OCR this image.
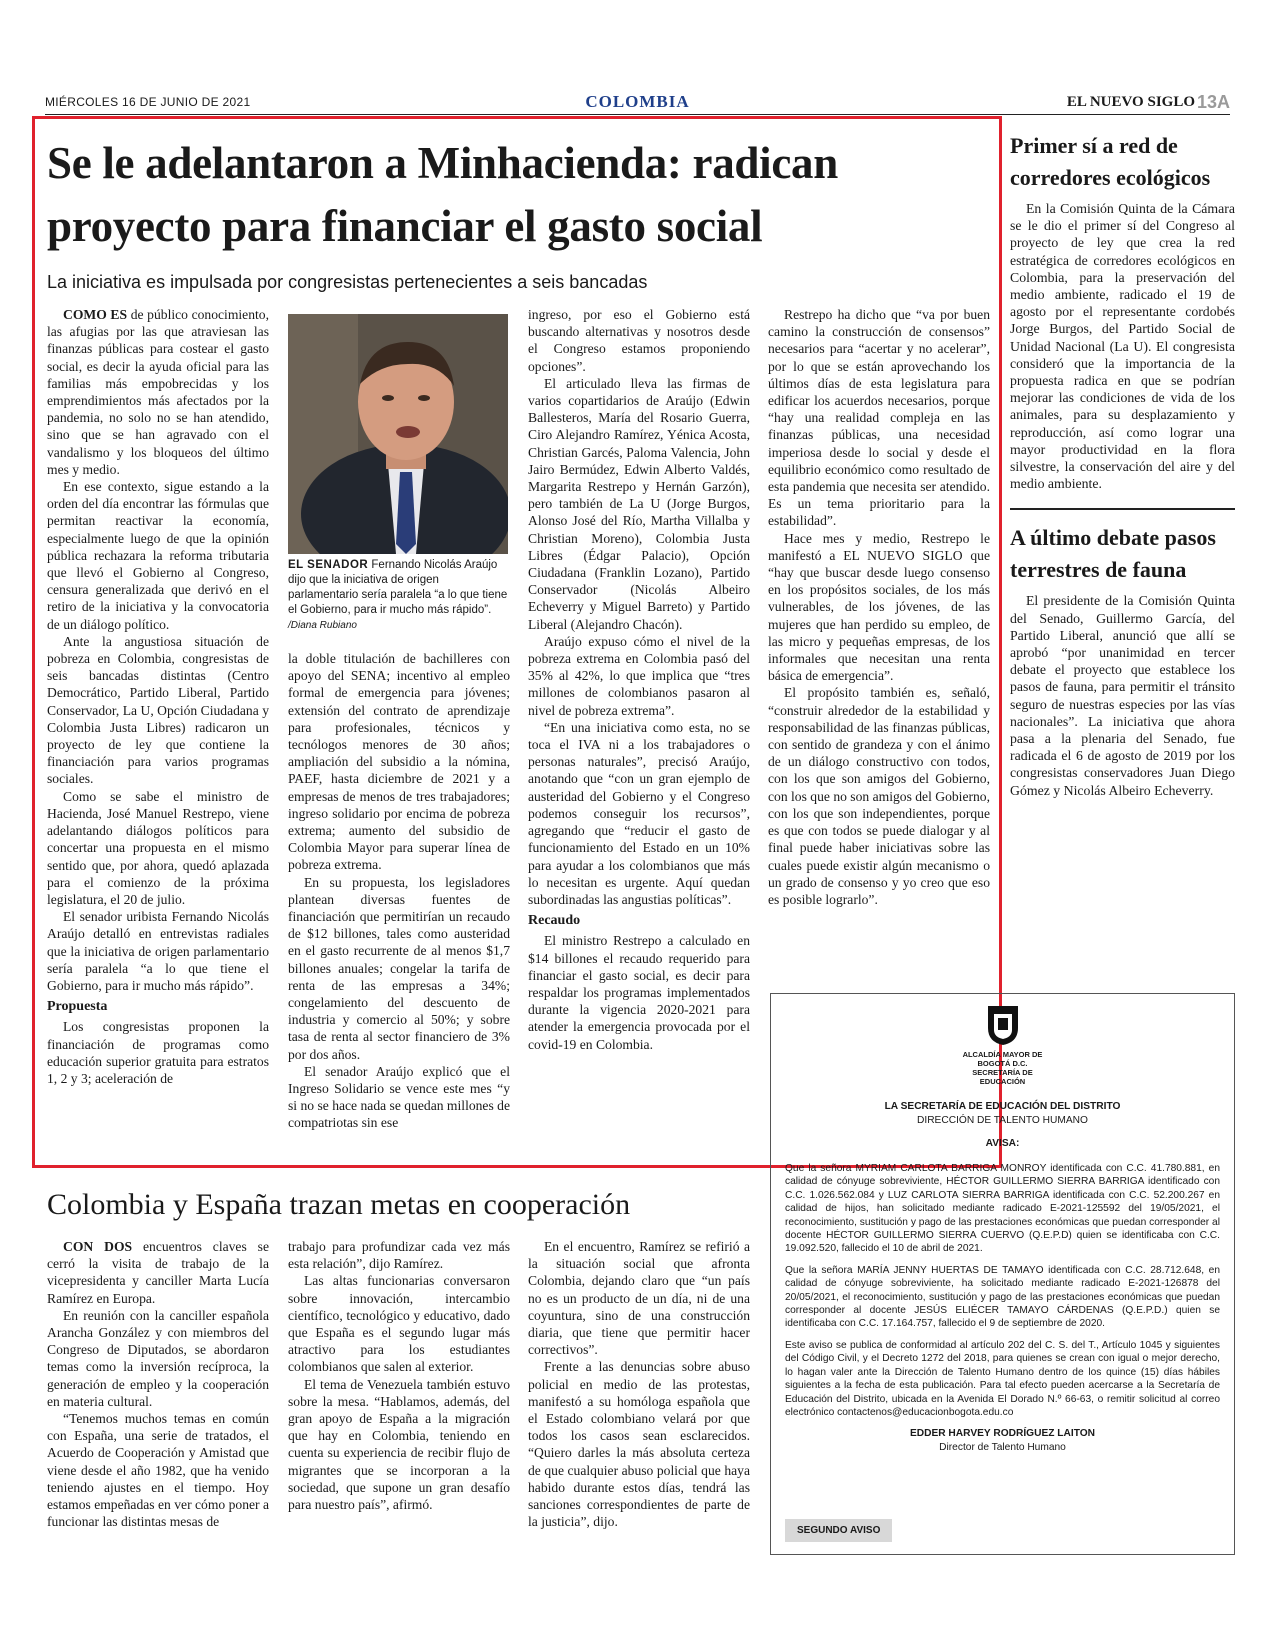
MIÉRCOLES 16 DE JUNIO DE 2021	COLOMBIA	EL NUEVO SIGLO 13A
Se le adelantaron a Minhacienda: radican proyecto para financiar el gasto social

La iniciativa es impulsada por congresistas pertenecientes a seis bancadas

COMO ES de público conocimiento, las afugias por las que atraviesan las finanzas públicas para costear el gasto social, es decir la ayuda oficial para las familias más empobrecidas y los emprendimientos más afectados por la pandemia, no solo no se han atendido, sino que se han agravado con el vandalismo y los bloqueos del último mes y medio.

En ese contexto, sigue estando a la orden del día encontrar las fórmulas que permitan reactivar la economía, especialmente luego de que la opinión pública rechazara la reforma tributaria que llevó el Gobierno al Congreso, censura generalizada que derivó en el retiro de la iniciativa y la convocatoria de un diálogo político.

Ante la angustiosa situación de pobreza en Colombia, congresistas de seis bancadas distintas (Centro Democrático, Partido Liberal, Partido Conservador, La U, Opción Ciudadana y Colombia Justa Libres) radicaron un proyecto de ley que contiene la financiación para varios programas sociales.

Como se sabe el ministro de Hacienda, José Manuel Restrepo, viene adelantando diálogos políticos para concertar una propuesta en el mismo sentido que, por ahora, quedó aplazada para el comienzo de la próxima legislatura, el 20 de julio.

El senador uribista Fernando Nicolás Araújo detalló en entrevistas radiales que la iniciativa de origen parlamentario sería paralela “a lo que tiene el Gobierno, para ir mucho más rápido”.

Propuesta

Los congresistas proponen la financiación de programas como educación superior gratuita para estratos 1, 2 y 3; aceleración de

EL SENADOR Fernando Nicolás Araújo dijo que la iniciativa de origen parlamentario sería paralela “a lo que tiene el Gobierno, para ir mucho más rápido”. /Diana Rubiano

la doble titulación de bachilleres con apoyo del SENA; incentivo al empleo formal de emergencia para jóvenes; extensión del contrato de aprendizaje para profesionales, técnicos y tecnólogos menores de 30 años; ampliación del subsidio a la nómina, PAEF, hasta diciembre de 2021 y a empresas de menos de tres trabajadores; ingreso solidario por encima de pobreza extrema; aumento del subsidio de Colombia Mayor para superar línea de pobreza extrema.

En su propuesta, los legisladores plantean diversas fuentes de financiación que permitirían un recaudo de $12 billones, tales como austeridad en el gasto recurrente de al menos $1,7 billones anuales; congelar la tarifa de renta de las empresas a 34%; congelamiento del descuento de industria y comercio al 50%; y sobre tasa de renta al sector financiero de 3% por dos años.

El senador Araújo explicó que el Ingreso Solidario se vence este mes “y si no se hace nada se quedan millones de compatriotas sin ese

ingreso, por eso el Gobierno está buscando alternativas y nosotros desde el Congreso estamos proponiendo opciones”.

El articulado lleva las firmas de varios copartidarios de Araújo (Edwin Ballesteros, María del Rosario Guerra, Ciro Alejandro Ramírez, Yénica Acosta, Christian Garcés, Paloma Valencia, John Jairo Bermúdez, Edwin Alberto Valdés, Margarita Restrepo y Hernán Garzón), pero también de La U (Jorge Burgos, Alonso José del Río, Martha Villalba y Christian Moreno), Colombia Justa Libres (Édgar Palacio), Opción Ciudadana (Franklin Lozano), Partido Conservador (Nicolás Albeiro Echeverry y Miguel Barreto) y Partido Liberal (Alejandro Chacón).

Araújo expuso cómo el nivel de la pobreza extrema en Colombia pasó del 35% al 42%, lo que implica que “tres millones de colombianos pasaron al nivel de pobreza extrema”.

“En una iniciativa como esta, no se toca el IVA ni a los trabajadores o personas naturales”, precisó Araújo, anotando que “con un gran ejemplo de austeridad del Gobierno y el Congreso podemos conseguir los recursos”, agregando que “reducir el gasto de funcionamiento del Estado en un 10% para ayudar a los colombianos que más lo necesitan es urgente. Aquí quedan subordinadas las angustias políticas”.

Recaudo

El ministro Restrepo a calculado en $14 billones el recaudo requerido para financiar el gasto social, es decir para respaldar los programas implementados durante la vigencia 2020-2021 para atender la emergencia provocada por el covid-19 en Colombia.

Restrepo ha dicho que “va por buen camino la construcción de consensos” necesarios para “acertar y no acelerar”, por lo que se están aprovechando los últimos días de esta legislatura para edificar los acuerdos necesarios, porque “hay una realidad compleja en las finanzas públicas, una necesidad imperiosa desde lo social y desde el equilibrio económico como resultado de esta pandemia que necesita ser atendido. Es un tema prioritario para la estabilidad”.

Hace mes y medio, Restrepo le manifestó a EL NUEVO SIGLO que “hay que buscar desde luego consenso en los propósitos sociales, de los más vulnerables, de los jóvenes, de las mujeres que han perdido su empleo, de las micro y pequeñas empresas, de los informales que necesitan una renta básica de emergencia”.

El propósito también es, señaló, “construir alrededor de la estabilidad y responsabilidad de las finanzas públicas, con sentido de grandeza y con el ánimo de un diálogo constructivo con todos, con los que son amigos del Gobierno, con los que no son amigos del Gobierno, con los que son independientes, porque es que con todos se puede dialogar y al final puede haber iniciativas sobre las cuales puede existir algún mecanismo o un grado de consenso y yo creo que eso es posible lograrlo”.

Primer sí a red de corredores ecológicos

En la Comisión Quinta de la Cámara se le dio el primer sí del Congreso al proyecto de ley que crea la red estratégica de corredores ecológicos en Colombia, para la preservación del medio ambiente, radicado el 19 de agosto por el representante cordobés Jorge Burgos, del Partido Social de Unidad Nacional (La U). El congresista consideró que la importancia de la propuesta radica en que se podrían mejorar las condiciones de vida de los animales, para su desplazamiento y reproducción, así como lograr una mayor productividad en la flora silvestre, la conservación del aire y del medio ambiente.

A último debate pasos terrestres de fauna

El presidente de la Comisión Quinta del Senado, Guillermo García, del Partido Liberal, anunció que allí se aprobó “por unanimidad en tercer debate el proyecto que establece los pasos de fauna, para permitir el tránsito seguro de nuestras especies por las vías nacionales”. La iniciativa que ahora pasa a la plenaria del Senado, fue radicada el 6 de agosto de 2019 por los congresistas conservadores Juan Diego Gómez y Nicolás Albeiro Echeverry.

Colombia y España trazan metas en cooperación

CON DOS encuentros claves se cerró la visita de trabajo de la vicepresidenta y canciller Marta Lucía Ramírez en Europa.

En reunión con la canciller española Arancha González y con miembros del Congreso de Diputados, se abordaron temas como la inversión recíproca, la generación de empleo y la cooperación en materia cultural.

“Tenemos muchos temas en común con España, una serie de tratados, el Acuerdo de Cooperación y Amistad que viene desde el año 1982, que ha venido teniendo ajustes en el tiempo. Hoy estamos empeñadas en ver cómo poner a funcionar las distintas mesas de

trabajo para profundizar cada vez más esta relación”, dijo Ramírez.

Las altas funcionarias conversaron sobre innovación, intercambio científico, tecnológico y educativo, dado que España es el segundo lugar más atractivo para los estudiantes colombianos que salen al exterior.

El tema de Venezuela también estuvo sobre la mesa. “Hablamos, además, del gran apoyo de España a la migración que hay en Colombia, teniendo en cuenta su experiencia de recibir flujo de migrantes que se incorporan a la sociedad, que supone un gran desafío para nuestro país”, afirmó.

En el encuentro, Ramírez se refirió a la situación social que afronta Colombia, dejando claro que “un país no es un producto de un día, ni de una coyuntura, sino de una construcción diaria, que tiene que permitir hacer correctivos”.

Frente a las denuncias sobre abuso policial en medio de las protestas, manifestó a su homóloga española que el Estado colombiano velará por que todos los casos sean esclarecidos. “Quiero darles la más absoluta certeza de que cualquier abuso policial que haya habido durante estos días, tendrá las sanciones correspondientes de parte de la justicia”, dijo.

ALCALDÍA MAYOR DE BOGOTÁ D.C. SECRETARÍA DE EDUCACIÓN
LA SECRETARÍA DE EDUCACIÓN DEL DISTRITO
DIRECCIÓN DE TALENTO HUMANO
AVISA:

Que la señora MYRIAM CARLOTA BARRIGA MONROY identificada con C.C. 41.780.881, en calidad de cónyuge sobreviviente, HÉCTOR GUILLERMO SIERRA BARRIGA identificado con C.C. 1.026.562.084 y LUZ CARLOTA SIERRA BARRIGA identificada con C.C. 52.200.267 en calidad de hijos, han solicitado mediante radicado E-2021-125592 del 19/05/2021, el reconocimiento, sustitución y pago de las prestaciones económicas que puedan corresponder al docente HÉCTOR GUILLERMO SIERRA CUERVO (Q.E.P.D) quien se identificaba con C.C. 19.092.520, fallecido el 10 de abril de 2021.

Que la señora MARÍA JENNY HUERTAS DE TAMAYO identificada con C.C. 28.712.648, en calidad de cónyuge sobreviviente, ha solicitado mediante radicado E-2021-126878 del 20/05/2021, el reconocimiento, sustitución y pago de las prestaciones económicas que puedan corresponder al docente JESÚS ELIÉCER TAMAYO CÁRDENAS (Q.E.P.D.) quien se identificaba con C.C. 17.164.757, fallecido el 9 de septiembre de 2020.

Este aviso se publica de conformidad al artículo 202 del C. S. del T., Artículo 1045 y siguientes del Código Civil, y el Decreto 1272 del 2018, para quienes se crean con igual o mejor derecho, lo hagan valer ante la Dirección de Talento Humano dentro de los quince (15) días hábiles siguientes a la fecha de esta publicación. Para tal efecto pueden acercarse a la Secretaría de Educación del Distrito, ubicada en la Avenida El Dorado N.º 66-63, o remitir solicitud al correo electrónico contactenos@educacionbogota.edu.co

EDDER HARVEY RODRÍGUEZ LAITON
Director de Talento Humano
SEGUNDO AVISO
